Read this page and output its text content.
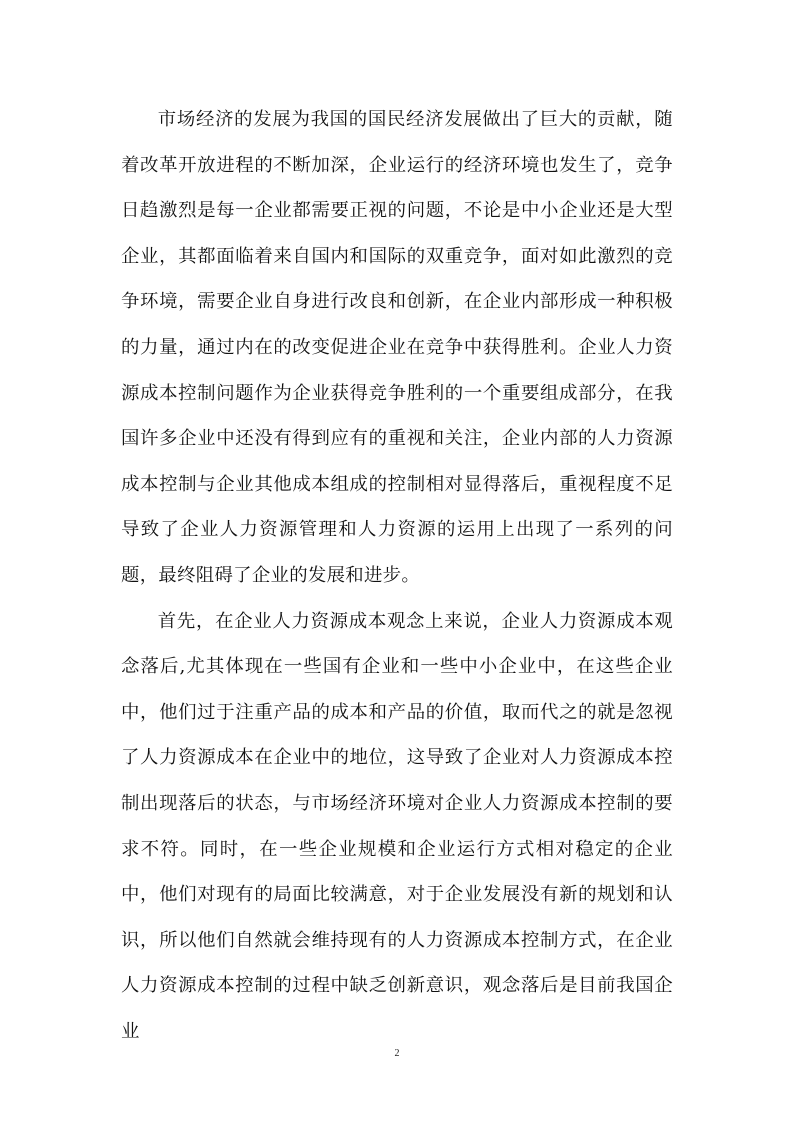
市场经济的发展为我国的国民经济发展做出了巨大的贡献，随着改革开放进程的不断加深，企业运行的经济环境也发生了，竞争日趋激烈是每一企业都需要正视的问题，不论是中小企业还是大型企业，其都面临着来自国内和国际的双重竞争，面对如此激烈的竞争环境，需要企业自身进行改良和创新，在企业内部形成一种积极的力量，通过内在的改变促进企业在竞争中获得胜利。企业人力资源成本控制问题作为企业获得竞争胜利的一个重要组成部分，在我国许多企业中还没有得到应有的重视和关注，企业内部的人力资源成本控制与企业其他成本组成的控制相对显得落后，重视程度不足导致了企业人力资源管理和人力资源的运用上出现了一系列的问题，最终阻碍了企业的发展和进步。

首先，在企业人力资源成本观念上来说，企业人力资源成本观念落后,尤其体现在一些国有企业和一些中小企业中，在这些企业中，他们过于注重产品的成本和产品的价值，取而代之的就是忽视了人力资源成本在企业中的地位，这导致了企业对人力资源成本控制出现落后的状态，与市场经济环境对企业人力资源成本控制的要求不符。同时，在一些企业规模和企业运行方式相对稳定的企业中，他们对现有的局面比较满意，对于企业发展没有新的规划和认识，所以他们自然就会维持现有的人力资源成本控制方式，在企业人力资源成本控制的过程中缺乏创新意识，观念落后是目前我国企业

2
